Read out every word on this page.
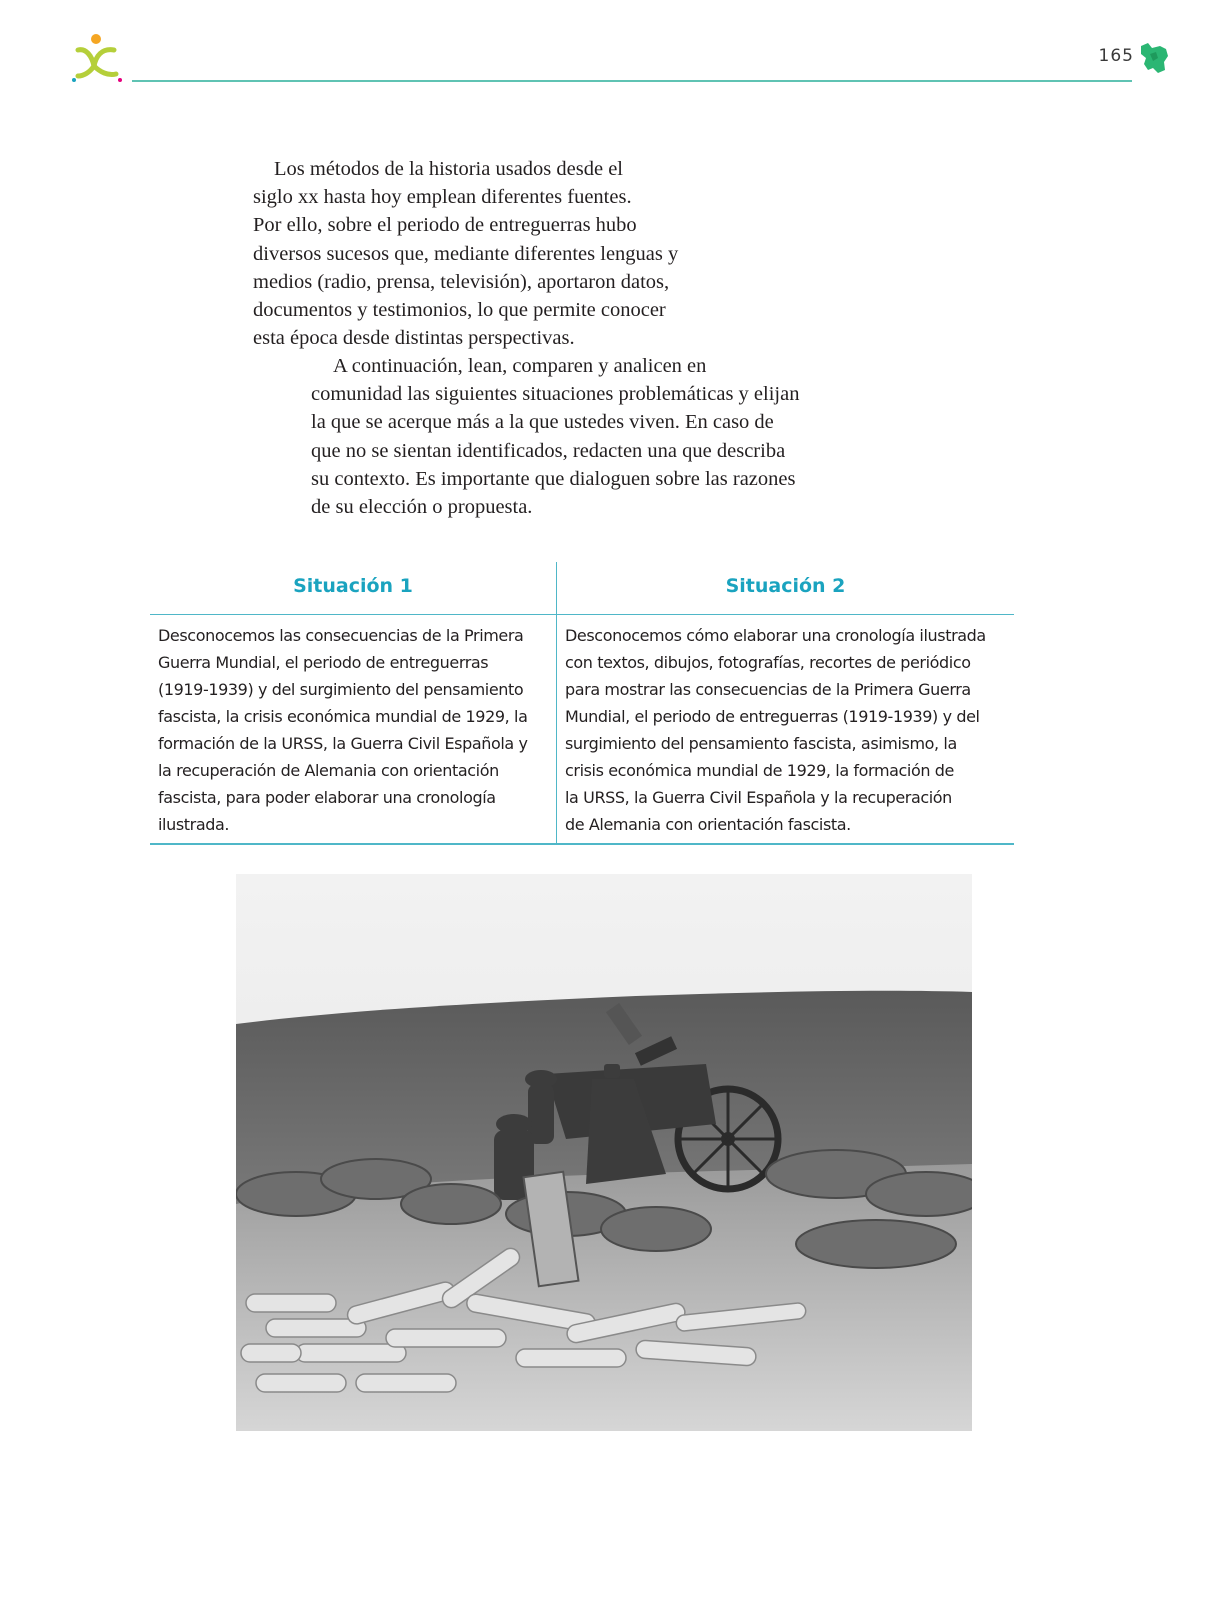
165

Los métodos de la historia usados desde el
siglo xx hasta hoy emplean diferentes fuentes.
Por ello, sobre el periodo de entreguerras hubo
diversos sucesos que, mediante diferentes lenguas y
medios (radio, prensa, televisión), aportaron datos,
documentos y testimonios, lo que permite conocer
esta época desde distintas perspectivas.

A continuación, lean, comparen y analicen en
comunidad las siguientes situaciones problemáticas y elijan
la que se acerque más a la que ustedes viven. En caso de
que no se sientan identificados, redacten una que describa
su contexto. Es importante que dialoguen sobre las razones
de su elección o propuesta.

Situación 1	Situación 2

Desconocemos las consecuencias de la Primera
Guerra Mundial, el periodo de entreguerras
(1919-1939) y del surgimiento del pensamiento
fascista, la crisis económica mundial de 1929, la
formación de la URSS, la Guerra Civil Española y
la recuperación de Alemania con orientación
fascista, para poder elaborar una cronología
ilustrada.

Desconocemos cómo elaborar una cronología ilustrada
con textos, dibujos, fotografías, recortes de periódico
para mostrar las consecuencias de la Primera Guerra
Mundial, el periodo de entreguerras (1919-1939) y del
surgimiento del pensamiento fascista, asimismo, la
crisis económica mundial de 1929, la formación de
la URSS, la Guerra Civil Española y la recuperación
de Alemania con orientación fascista.
